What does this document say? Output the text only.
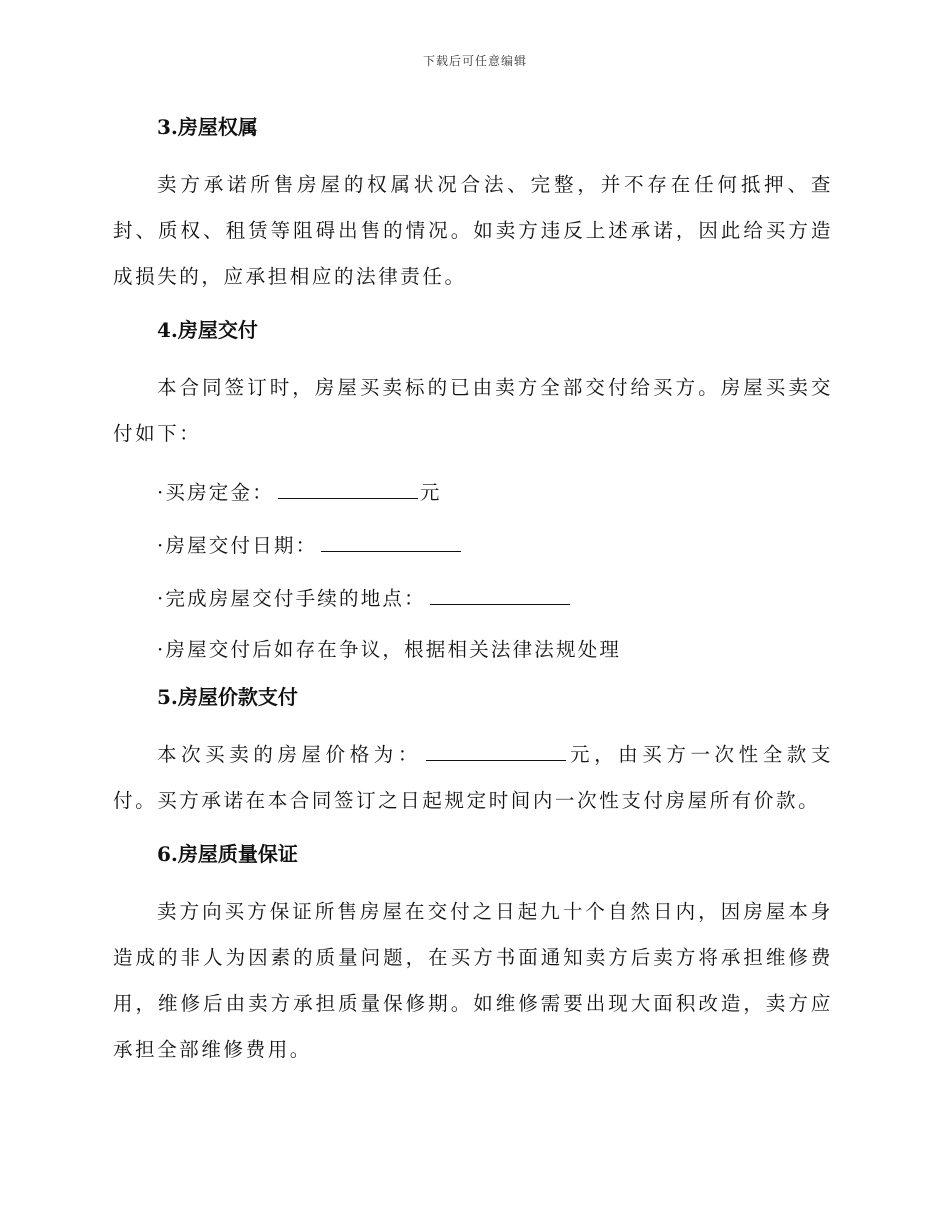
下载后可任意编辑
3.房屋权属

卖方承诺所售房屋的权属状况合法、完整，并不存在任何抵押、查封、质权、租赁等阻碍出售的情况。如卖方违反上述承诺，因此给买方造成损失的，应承担相应的法律责任。

4.房屋交付

本合同签订时，房屋买卖标的已由卖方全部交付给买方。房屋买卖交付如下：

·买房定金：	元

·房屋交付日期：

·完成房屋交付手续的地点：

·房屋交付后如存在争议，根据相关法律法规处理

5.房屋价款支付

本次买卖的房屋价格为：	元，由买方一次性全款支付。买方承诺在本合同签订之日起规定时间内一次性支付房屋所有价款。

6.房屋质量保证

卖方向买方保证所售房屋在交付之日起九十个自然日内，因房屋本身造成的非人为因素的质量问题，在买方书面通知卖方后卖方将承担维修费用，维修后由卖方承担质量保修期。如维修需要出现大面积改造，卖方应承担全部维修费用。
